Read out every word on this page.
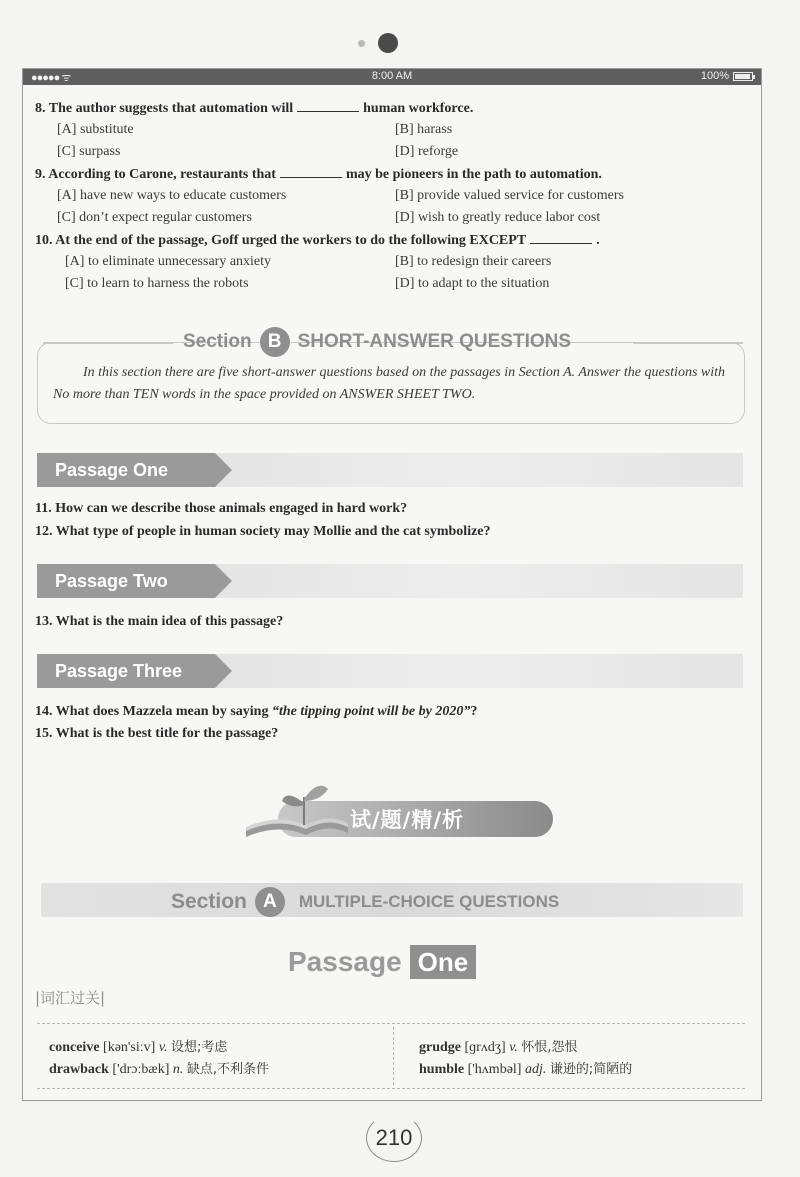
●●●●● ᯤ	8:00 AM	100%
8. The author suggests that automation will	human workforce.
[A] substitute	[B] harass
[C] surpass	[D] reforge
9. According to Carone, restaurants that	may be pioneers in the path to automation.
[A] have new ways to educate customers	[B] provide valued service for customers
[C] don’t expect regular customers	[D] wish to greatly reduce labor cost
10. At the end of the passage, Goff urged the workers to do the following EXCEPT	.
[A] to eliminate unnecessary anxiety	[B] to redesign their careers
[C] to learn to harness the robots	[D] to adapt to the situation
Section B SHORT-ANSWER QUESTIONS
In this section there are five short-answer questions based on the passages in Section A. Answer the questions with No more than TEN words in the space provided on ANSWER SHEET TWO.
Passage One
11. How can we describe those animals engaged in hard work?
12. What type of people in human society may Mollie and the cat symbolize?
Passage Two
13. What is the main idea of this passage?
Passage Three
14. What does Mazzela mean by saying “the tipping point will be by 2020”?
15. What is the best title for the passage?
试/题/精/析
Section A	MULTIPLE-CHOICE QUESTIONS
Passage One
|词汇过关|
conceive [kən'siːv] v. 设想;考虑	grudge [ɡrʌdʒ] v. 怀恨,怨恨
drawback ['drɔːbæk] n. 缺点,不利条件	humble ['hʌmbəl] adj. 谦逊的;简陋的
210
